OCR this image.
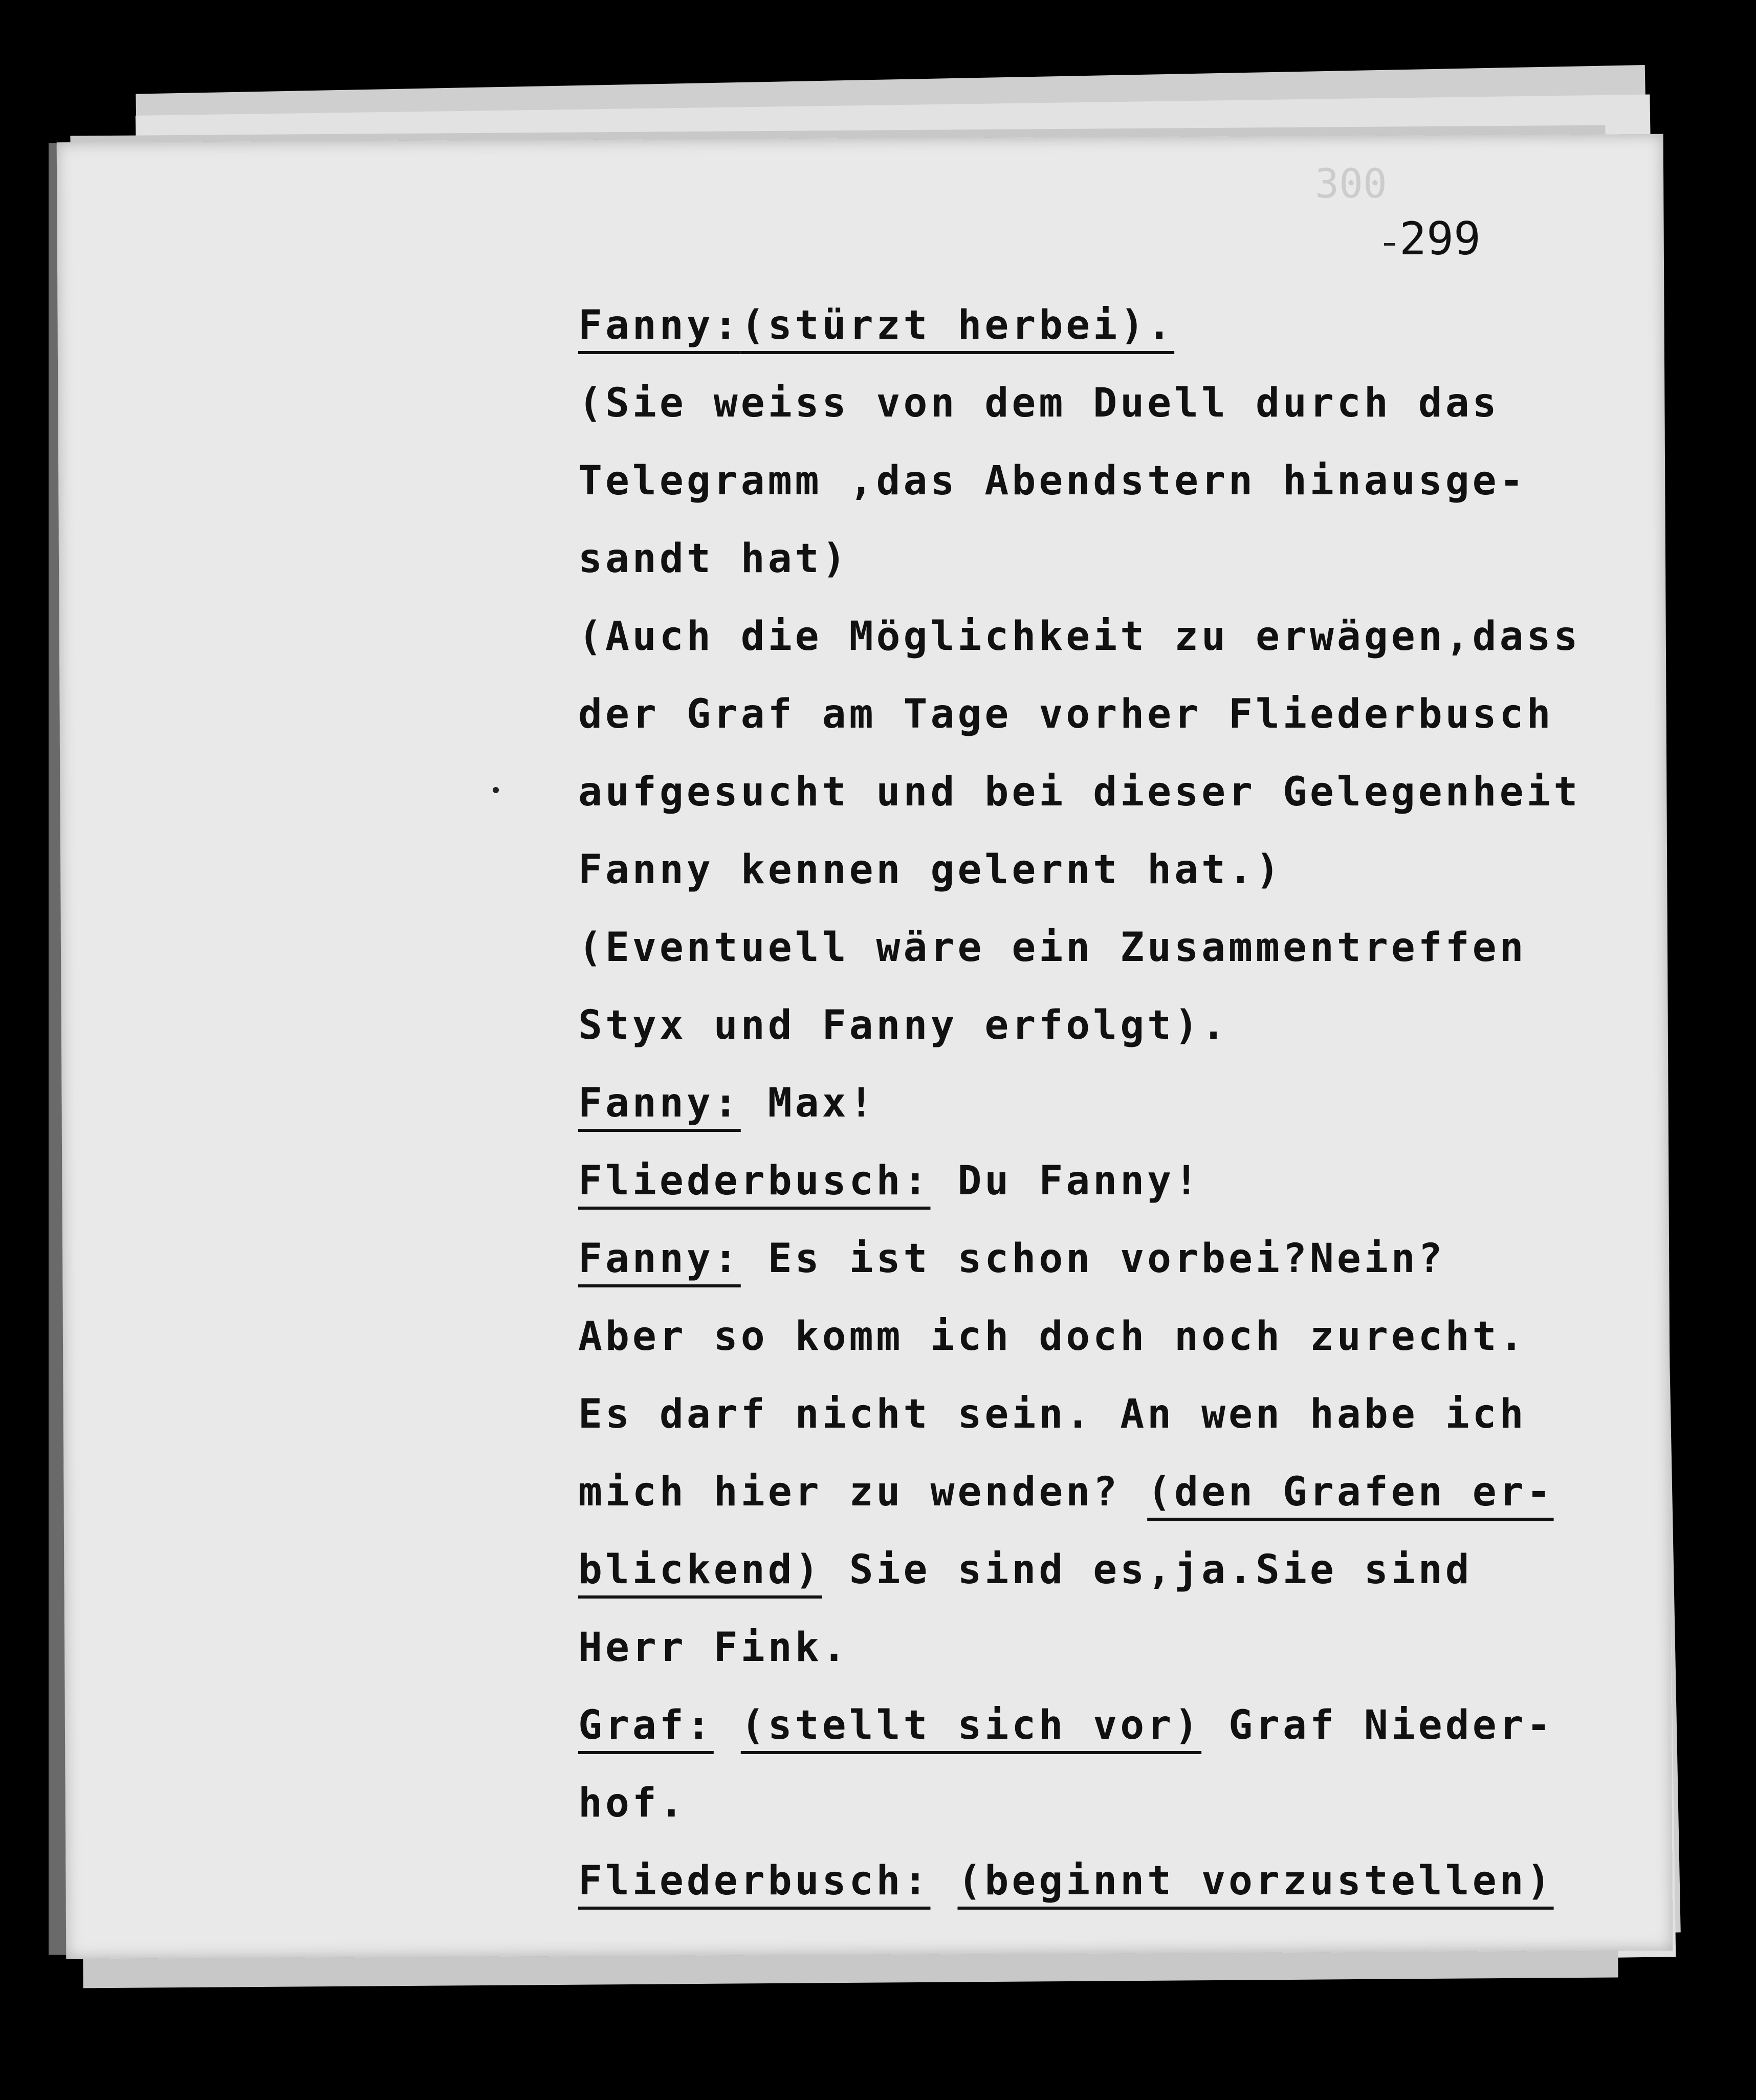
300
299
Fanny:(stürzt herbei).
(Sie weiss von dem Duell durch das
Telegramm ,das Abendstern hinausge-
sandt hat)
(Auch die Möglichkeit zu erwägen,dass
der Graf am Tage vorher Fliederbusch
aufgesucht und bei dieser Gelegenheit
Fanny kennen gelernt hat.)
(Eventuell wäre ein Zusammentreffen
Styx und Fanny erfolgt).
Fanny: Max!
Fliederbusch: Du Fanny!
Fanny: Es ist schon vorbei?Nein?
Aber so komm ich doch noch zurecht.
Es darf nicht sein. An wen habe ich
mich hier zu wenden? (den Grafen er-
blickend) Sie sind es,ja.Sie sind
Herr Fink.
Graf: (stellt sich vor) Graf Nieder-
hof.
Fliederbusch: (beginnt vorzustellen)
